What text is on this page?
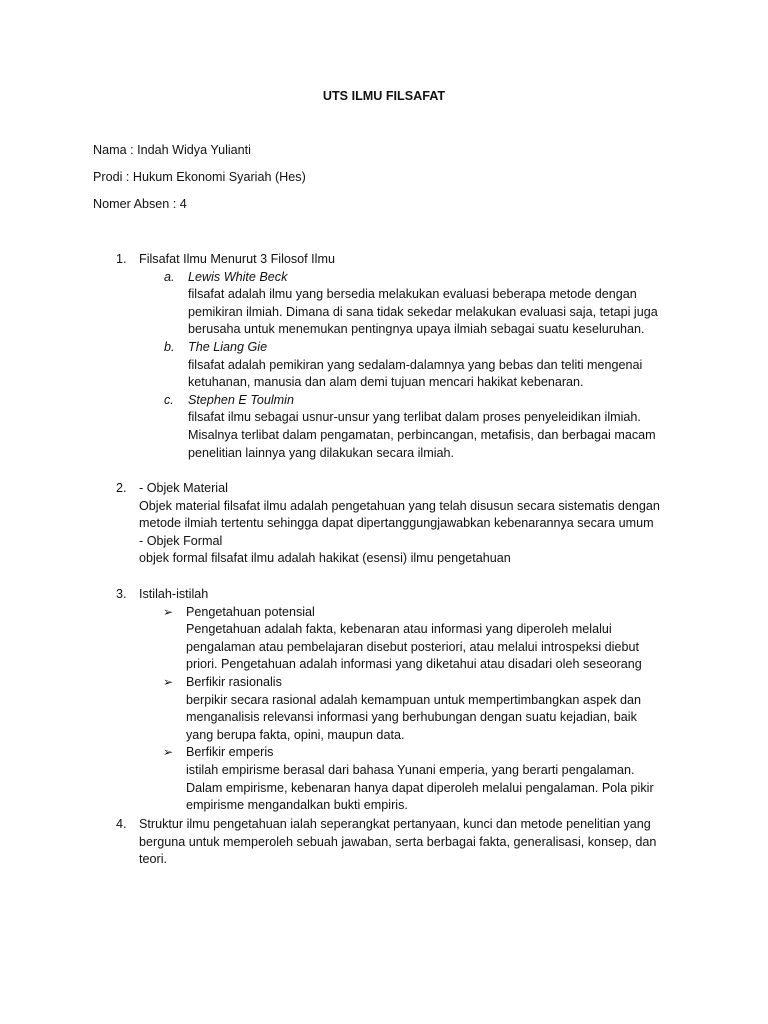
UTS ILMU FILSAFAT
Nama : Indah Widya Yulianti
Prodi : Hukum Ekonomi Syariah (Hes)
Nomer Absen : 4
1. Filsafat Ilmu Menurut 3 Filosof Ilmu

a. Lewis White Beck

filsafat adalah ilmu yang bersedia melakukan evaluasi beberapa metode dengan pemikiran ilmiah. Dimana di sana tidak sekedar melakukan evaluasi saja, tetapi juga berusaha untuk menemukan pentingnya upaya ilmiah sebagai suatu keseluruhan.

b. The Liang Gie

filsafat adalah pemikiran yang sedalam-dalamnya yang bebas dan teliti mengenai ketuhanan, manusia dan alam demi tujuan mencari hakikat kebenaran.

c. Stephen E Toulmin

filsafat ilmu sebagai usnur-unsur yang terlibat dalam proses penyeleidikan ilmiah. Misalnya terlibat dalam pengamatan, perbincangan, metafisis, dan berbagai macam penelitian lainnya yang dilakukan secara ilmiah.

2. - Objek Material

Objek material filsafat ilmu adalah pengetahuan yang telah disusun secara sistematis dengan metode ilmiah tertentu sehingga dapat dipertanggungjawabkan kebenarannya secara umum

- Objek Formal

objek formal filsafat ilmu adalah hakikat (esensi) ilmu pengetahuan

3. Istilah-istilah

➢ Pengetahuan potensial

Pengetahuan adalah fakta, kebenaran atau informasi yang diperoleh melalui pengalaman atau pembelajaran disebut posteriori, atau melalui introspeksi diebut priori. Pengetahuan adalah informasi yang diketahui atau disadari oleh seseorang

➢ Berfikir rasionalis

berpikir secara rasional adalah kemampuan untuk mempertimbangkan aspek dan menganalisis relevansi informasi yang berhubungan dengan suatu kejadian, baik yang berupa fakta, opini, maupun data.

➢ Berfikir emperis

istilah empirisme berasal dari bahasa Yunani emperia, yang berarti pengalaman. Dalam empirisme, kebenaran hanya dapat diperoleh melalui pengalaman. Pola pikir empirisme mengandalkan bukti empiris.

4. Struktur ilmu pengetahuan ialah seperangkat pertanyaan, kunci dan metode penelitian yang berguna untuk memperoleh sebuah jawaban, serta berbagai fakta, generalisasi, konsep, dan teori.
